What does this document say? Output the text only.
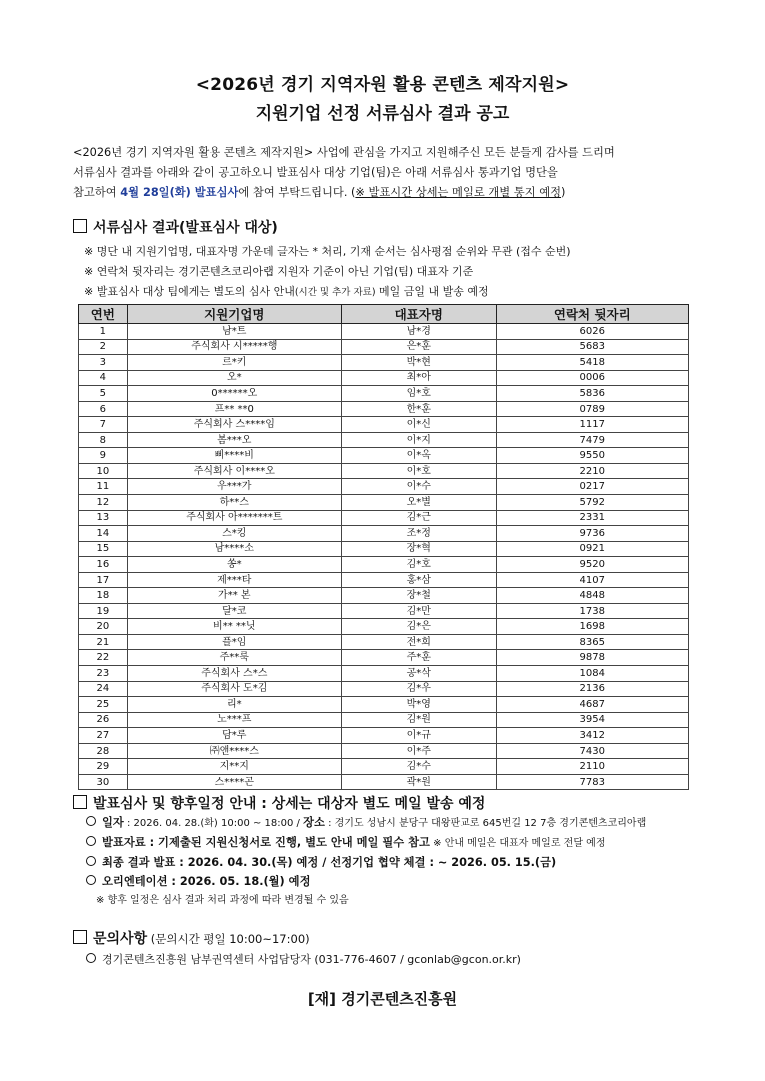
<2026년 경기 지역자원 활용 콘텐츠 제작지원>
지원기업 선정 서류심사 결과 공고
<2026년 경기 지역자원 활용 콘텐츠 제작지원> 사업에 관심을 가지고 지원해주신 모든 분들게 감사를 드리며
서류심사 결과를 아래와 같이 공고하오니 발표심사 대상 기업(팀)은 아래 서류심사 통과기업 명단을
참고하여 4월 28일(화) 발표심사에 참여 부탁드립니다. (※ 발표시간 상세는 메일로 개별 통지 예정)
서류심사 결과(발표심사 대상)
※ 명단 내 지원기업명, 대표자명 가운데 글자는 * 처리, 기재 순서는 심사평점 순위와 무관 (접수 순번)
※ 연락처 뒷자리는 경기콘텐츠코리아랩 지원자 기준이 아닌 기업(팀) 대표자 기준
※ 발표심사 대상 팀에게는 별도의 심사 안내(시간 및 추가 자료) 메일 금일 내 발송 예정
연번	지원기업명	대표자명	연락처 뒷자리
1	남*트	남*경	6026
2	주식회사 시*****행	은*훈	5683
3	르*키	박*현	5418
4	오*	최*아	0006
5	0******오	임*호	5836
6	프** **0	한*훈	0789
7	주식회사 스****임	이*신	1117
8	봄***오	이*지	7479
9	삐****비	이*옥	9550
10	주식회사 이****오	이*호	2210
11	우***가	이*수	0217
12	하**스	오*별	5792
13	주식회사 아*******트	김*근	2331
14	스*킹	조*정	9736
15	남****소	장*혁	0921
16	쏭*	김*호	9520
17	제***타	홍*삼	4107
18	가** 본	장*철	4848
19	달*코	김*만	1738
20	비** **닛	김*은	1698
21	플*임	전*희	8365
22	주**룩	주*훈	9878
23	주식회사 스*스	공*삭	1084
24	주식회사 도*김	김*우	2136
25	리*	박*영	4687
26	노***프	김*원	3954
27	담*루	이*규	3412
28	㈜앤****스	이*주	7430
29	지**지	김*수	2110
30	스****곤	곽*원	7783
발표심사 및 향후일정 안내 : 상세는 대상자 별도 메일 발송 예정
일자 : 2026. 04. 28.(화) 10:00 ~ 18:00 / 장소 : 경기도 성남시 분당구 대왕판교로 645번길 12 7층 경기콘텐츠코리아랩
발표자료 : 기제출된 지원신청서로 진행, 별도 안내 메일 필수 참고 ※ 안내 메일은 대표자 메일로 전달 예정
최종 결과 발표 : 2026. 04. 30.(목) 예정 / 선정기업 협약 체결 : ~ 2026. 05. 15.(금)
오리엔테이션 : 2026. 05. 18.(월) 예정
※ 향후 일정은 심사 결과 처리 과정에 따라 변경될 수 있음
문의사항 (문의시간 평일 10:00~17:00)
경기콘텐츠진흥원 남부권역센터 사업담당자 (031-776-4607 / gconlab@gcon.or.kr)
[재] 경기콘텐츠진흥원
